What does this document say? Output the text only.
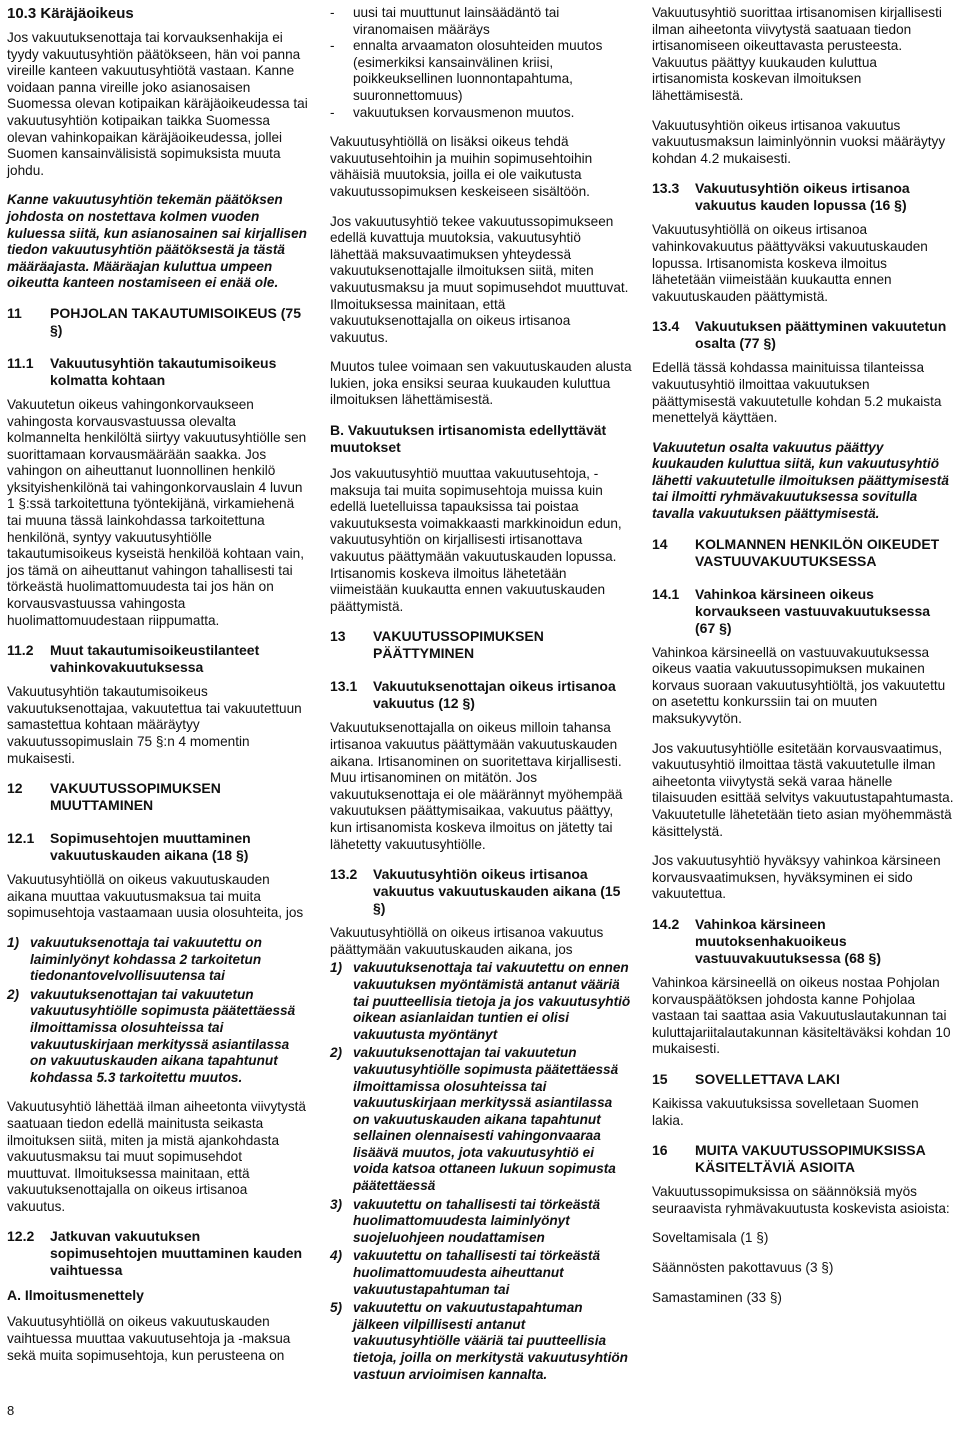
10.3 Käräjäoikeus

Jos vakuutuksenottaja tai korvauksenhakija ei tyydy vakuutusyhtiön päätökseen, hän voi panna vireille kanteen vakuutusyhtiötä vastaan. Kanne voidaan panna vireille joko asianosaisen Suomessa olevan kotipaikan käräjäoikeudessa tai vakuutusyhtiön kotipaikan taikka Suomessa olevan vahinkopaikan käräjäoikeudessa, jollei Suomen kansainvälisistä sopimuksista muuta johdu.

Kanne vakuutusyhtiön tekemän päätöksen johdosta on nostettava kolmen vuoden kuluessa siitä, kun asianosainen sai kirjallisen tiedon vakuutusyhtiön päätöksestä ja tästä määräajasta. Määräajan kuluttua umpeen oikeutta kanteen nostamiseen ei enää ole.

11	POHJOLAN TAKAUTUMISOIKEUS (75 §)
11.1	Vakuutusyhtiön takautumisoikeus kolmatta kohtaan

Vakuutetun oikeus vahingonkorvaukseen vahingosta korvausvastuussa olevalta kolmannelta henkilöltä siirtyy vakuutusyhtiölle sen suorittamaan korvausmäärään saakka. Jos vahingon on aiheuttanut luonnollinen henkilö yksityishenkilönä tai vahingonkorvauslain 4 luvun 1 §:ssä tarkoitettuna työntekijänä, virkamiehenä tai muuna tässä lainkohdassa tarkoitettuna henkilönä, syntyy vakuutusyhtiölle takautumisoikeus kyseistä henkilöä kohtaan vain, jos tämä on aiheuttanut vahingon tahallisesti tai törkeästä huolimattomuudesta tai jos hän on korvausvastuussa vahingosta huolimattomuudestaan riippumatta.

11.2	Muut takautumisoikeustilanteet vahinkovakuutuksessa

Vakuutusyhtiön takautumisoikeus vakuutuksenottajaa, vakuutettua tai vakuutettuun samastettua kohtaan määräytyy vakuutussopimuslain 75 §:n 4 momentin mukaisesti.

12	VAKUUTUSSOPIMUKSEN MUUTTAMINEN
12.1	Sopimusehtojen muuttaminen vakuutuskauden aikana (18 §)

Vakuutusyhtiöllä on oikeus vakuutuskauden aikana muuttaa vakuutusmaksua tai muita sopimusehtoja vastaamaan uusia olosuhteita, jos

1) vakuutuksenottaja tai vakuutettu on laiminlyönyt kohdassa 2 tarkoitetun tiedonantovelvollisuutensa tai
2) vakuutuksenottajan tai vakuutetun vakuutusyhtiölle sopimusta päätettäessä ilmoittamissa olosuhteissa tai vakuutuskirjaan merkityssä asiantilassa on vakuutuskauden aikana tapahtunut kohdassa 5.3 tarkoitettu muutos.

Vakuutusyhtiö lähettää ilman aiheetonta viivytystä saatuaan tiedon edellä mainitusta seikasta ilmoituksen siitä, miten ja mistä ajankohdasta vakuutusmaksu tai muut sopimusehdot muuttuvat. Ilmoituksessa mainitaan, että vakuutuksenottajalla on oikeus irtisanoa vakuutus.

12.2	Jatkuvan vakuutuksen sopimusehtojen muuttaminen kauden vaihtuessa
A. Ilmoitusmenettely

Vakuutusyhtiöllä on oikeus vakuutuskauden vaihtuessa muuttaa vakuutusehtoja ja -maksua sekä muita sopimusehtoja, kun perusteena on

-	uusi tai muuttunut lainsäädäntö tai viranomaisen määräys
-	ennalta arvaamaton olosuhteiden muutos (esimerkiksi kansainvälinen kriisi, poikkeuksellinen luonnontapahtuma, suuronnettomuus)
-	vakuutuksen korvausmenon muutos.

Vakuutusyhtiöllä on lisäksi oikeus tehdä vakuutusehtoihin ja muihin sopimusehtoihin vähäisiä muutoksia, joilla ei ole vaikutusta vakuutussopimuksen keskeiseen sisältöön.

Jos vakuutusyhtiö tekee vakuutussopimukseen edellä kuvattuja muutoksia, vakuutusyhtiö lähettää maksuvaatimuksen yhteydessä vakuutuksenottajalle ilmoituksen siitä, miten vakuutusmaksu ja muut sopimusehdot muuttuvat. Ilmoituksessa mainitaan, että vakuutuksenottajalla on oikeus irtisanoa vakuutus.

Muutos tulee voimaan sen vakuutuskauden alusta lukien, joka ensiksi seuraa kuukauden kuluttua ilmoituksen lähettämisestä.

B. Vakuutuksen irtisanomista edellyttävät muutokset

Jos vakuutusyhtiö muuttaa vakuutusehtoja, -maksuja tai muita sopimusehtoja muissa kuin edellä luetelluissa tapauksissa tai poistaa vakuutuksesta voimakkaasti markkinoidun edun, vakuutusyhtiön on kirjallisesti irtisanottava vakuutus päättymään vakuutuskauden lopussa. Irtisanomis koskeva ilmoitus lähetetään viimeistään kuukautta ennen vakuutuskauden päättymistä.

13	VAKUUTUSSOPIMUKSEN PÄÄTTYMINEN
13.1	Vakuutuksenottajan oikeus irtisanoa vakuutus (12 §)

Vakuutuksenottajalla on oikeus milloin tahansa irtisanoa vakuutus päättymään vakuutuskauden aikana. Irtisanominen on suoritettava kirjallisesti. Muu irtisanominen on mitätön. Jos vakuutuksenottaja ei ole määrännyt myöhempää vakuutuksen päättymisaikaa, vakuutus päättyy, kun irtisanomista koskeva ilmoitus on jätetty tai lähetetty vakuutusyhtiölle.

13.2	Vakuutusyhtiön oikeus irtisanoa vakuutus vakuutuskauden aikana (15 §)

Vakuutusyhtiöllä on oikeus irtisanoa vakuutus päättymään vakuutuskauden aikana, jos

1) vakuutuksenottaja tai vakuutettu on ennen vakuutuksen myöntämistä antanut vääriä tai puutteellisia tietoja ja jos vakuutusyhtiö oikean asianlaidan tuntien ei olisi vakuutusta myöntänyt
2) vakuutuksenottajan tai vakuutetun vakuutusyhtiölle sopimusta päätettäessä ilmoittamissa olosuhteissa tai vakuutuskirjaan merkityssä asiantilassa on vakuutuskauden aikana tapahtunut sellainen olennaisesti vahingonvaaraa lisäävä muutos, jota vakuutusyhtiö ei voida katsoa ottaneen lukuun sopimusta päätettäessä
3) vakuutettu on tahallisesti tai törkeästä huolimattomuudesta laiminlyönyt suojeluohjeen noudattamisen
4) vakuutettu on tahallisesti tai törkeästä huolimattomuudesta aiheuttanut vakuutustapahtuman tai
5) vakuutettu on vakuutustapahtuman jälkeen vilpillisesti antanut vakuutusyhtiölle vääriä tai puutteellisia tietoja, joilla on merkitystä vakuutusyhtiön vastuun arvioimisen kannalta.

Vakuutusyhtiö suorittaa irtisanomisen kirjallisesti ilman aiheetonta viivytystä saatuaan tiedon irtisanomiseen oikeuttavasta perusteesta. Vakuutus päättyy kuukauden kuluttua irtisanomista koskevan ilmoituksen lähettämisestä.

Vakuutusyhtiön oikeus irtisanoa vakuutus vakuutusmaksun laiminlyönnin vuoksi määräytyy kohdan 4.2 mukaisesti.

13.3	Vakuutusyhtiön oikeus irtisanoa vakuutus kauden lopussa (16 §)

Vakuutusyhtiöllä on oikeus irtisanoa vahinkovakuutus päättyväksi vakuutuskauden lopussa. Irtisanomista koskeva ilmoitus lähetetään viimeistään kuukautta ennen vakuutuskauden päättymistä.

13.4	Vakuutuksen päättyminen vakuutetun osalta (77 §)

Edellä tässä kohdassa mainituissa tilanteissa vakuutusyhtiö ilmoittaa vakuutuksen päättymisestä vakuutetulle kohdan 5.2 mukaista menettelyä käyttäen.

Vakuutetun osalta vakuutus päättyy kuukauden kuluttua siitä, kun vakuutusyhtiö lähetti vakuutetulle ilmoituksen päättymisestä tai ilmoitti ryhmävakuutuksessa sovitulla tavalla vakuutuksen päättymisestä.

14	KOLMANNEN HENKILÖN OIKEUDET VASTUUVAKUUTUKSESSA
14.1	Vahinkoa kärsineen oikeus korvaukseen vastuuvakuutuksessa (67 §)

Vahinkoa kärsineellä on vastuuvakuutuksessa oikeus vaatia vakuutussopimuksen mukainen korvaus suoraan vakuutusyhtiöltä, jos vakuutettu on asetettu konkurssiin tai on muuten maksukyvytön.

Jos vakuutusyhtiölle esitetään korvausvaatimus, vakuutusyhtiö ilmoittaa tästä vakuutetulle ilman aiheetonta viivytystä sekä varaa hänelle tilaisuuden esittää selvitys vakuutustapahtumasta. Vakuutetulle lähetetään tieto asian myöhemmästä käsittelystä.

Jos vakuutusyhtiö hyväksyy vahinkoa kärsineen korvausvaatimuksen, hyväksyminen ei sido vakuutettua.

14.2	Vahinkoa kärsineen muutoksenhakuoikeus vastuuvakuutuksessa (68 §)

Vahinkoa kärsineellä on oikeus nostaa Pohjolan korvauspäätöksen johdosta kanne Pohjolaa vastaan tai saattaa asia Vakuutuslautakunnan tai kuluttajariitalautakunnan käsiteltäväksi kohdan 10 mukaisesti.

15	SOVELLETTAVA LAKI

Kaikissa vakuutuksissa sovelletaan Suomen lakia.

16	MUITA VAKUUTUSSOPIMUKSISSA KÄSITELTÄVIÄ ASIOITA

Vakuutussopimuksissa on säännöksiä myös seuraavista ryhmävakuutusta koskevista asioista:

Soveltamisala (1 §)

Säännösten pakottavuus (3 §)

Samastaminen (33 §)

8
